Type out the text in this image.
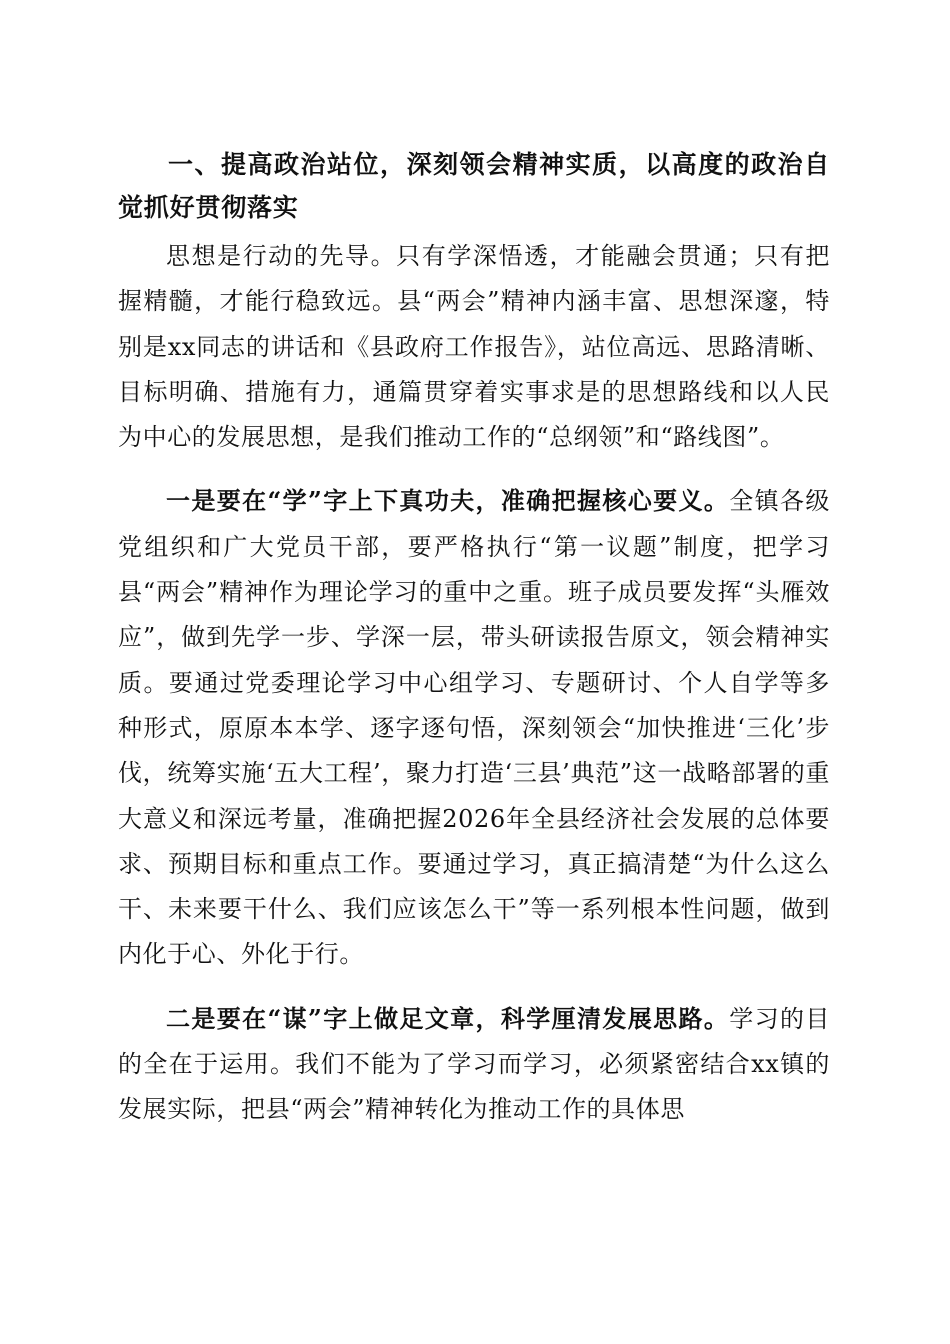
一、提高政治站位，深刻领会精神实质，以高度的政治自觉抓好贯彻落实

思想是行动的先导。只有学深悟透，才能融会贯通；只有把握精髓，才能行稳致远。县“两会”精神内涵丰富、思想深邃，特别是xx同志的讲话和《县政府工作报告》，站位高远、思路清晰、目标明确、措施有力，通篇贯穿着实事求是的思想路线和以人民为中心的发展思想，是我们推动工作的“总纲领”和“路线图”。

一是要在“学”字上下真功夫，准确把握核心要义。全镇各级党组织和广大党员干部，要严格执行“第一议题”制度，把学习县“两会”精神作为理论学习的重中之重。班子成员要发挥“头雁效应”，做到先学一步、学深一层，带头研读报告原文，领会精神实质。要通过党委理论学习中心组学习、专题研讨、个人自学等多种形式，原原本本学、逐字逐句悟，深刻领会“加快推进‘三化’步伐，统筹实施‘五大工程’，聚力打造‘三县’典范”这一战略部署的重大意义和深远考量，准确把握2026年全县经济社会发展的总体要求、预期目标和重点工作。要通过学习，真正搞清楚“为什么这么干、未来要干什么、我们应该怎么干”等一系列根本性问题，做到内化于心、外化于行。

二是要在“谋”字上做足文章，科学厘清发展思路。学习的目的全在于运用。我们不能为了学习而学习，必须紧密结合xx镇的发展实际，把县“两会”精神转化为推动工作的具体思
